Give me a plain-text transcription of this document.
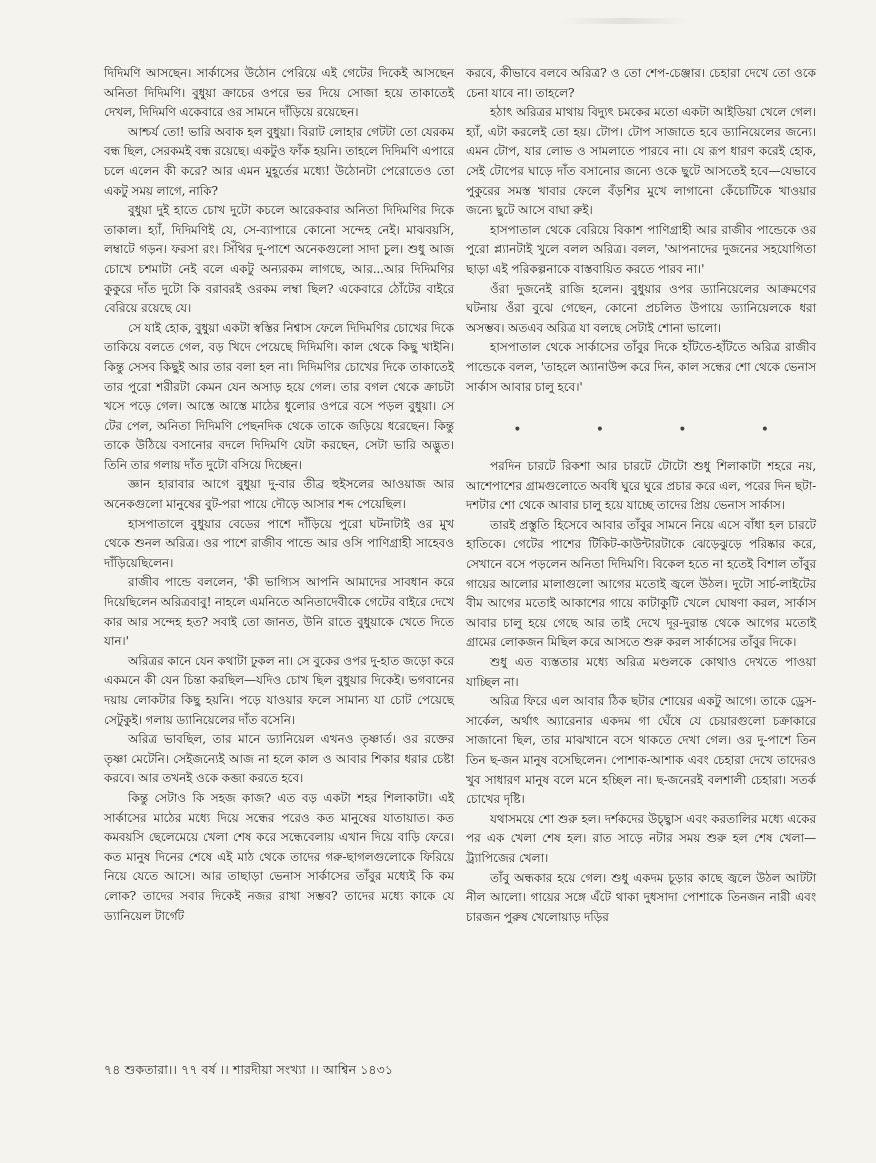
দিদিমণি আসছেন। সার্কাসের উঠোন পেরিয়ে এই গেটের দিকেই আসছেন অনিতা দিদিমণি। বুধুয়া ক্রাচের ওপরে ভর দিয়ে সোজা হয়ে তাকাতেই দেখল, দিদিমণি একেবারে ওর সামনে দাঁড়িয়ে রয়েছেন।

আশ্চর্য তো! ভারি অবাক হল বুধুয়া। বিরাট লোহার গেটটা তো যেরকম বন্ধ ছিল, সেরকমই বন্ধ রয়েছে। একটুও ফাঁক হয়নি। তাহলে দিদিমণি এপারে চলে এলেন কী করে? আর এমন মুহূর্তের মধ্যে! উঠোনটা পেরোতেও তো একটু সময় লাগে, নাকি?

বুধুয়া দুই হাতে চোখ দুটো কচলে আরেকবার অনিতা দিদিমণির দিকে তাকাল। হ্যাঁ, দিদিমণিই যে, সে-ব্যাপারে কোনো সন্দেহ নেই। মাঝবয়সি, লম্বাটে গড়ন। ফরসা রং। সিঁথির দু-পাশে অনেকগুলো সাদা চুল। শুধু আজ চোখে চশমাটা নেই বলে একটু অন্যরকম লাগছে, আর...আর দিদিমণির কুকুরে দাঁত দুটো কি বরাবরই ওরকম লম্বা ছিল? একেবারে ঠোঁটের বাইরে বেরিয়ে রয়েছে যে।

সে যাই হোক, বুধুয়া একটা স্বস্তির নিশ্বাস ফেলে দিদিমণির চোখের দিকে তাকিয়ে বলতে গেল, বড় খিদে পেয়েছে দিদিমণি। কাল থেকে কিছু খাইনি। কিন্তু সেসব কিছুই আর তার বলা হল না। দিদিমণির চোখের দিকে তাকাতেই তার পুরো শরীরটা কেমন যেন অসাড় হয়ে গেল। তার বগল থেকে ক্রাচটা খসে পড়ে গেল। আস্তে আস্তে মাঠের ধুলোর ওপরে বসে পড়ল বুধুয়া। সে টের পেল, অনিতা দিদিমণি পেছনদিক থেকে তাকে জড়িয়ে ধরেছেন। কিন্তু তাকে উঠিয়ে বসানোর বদলে দিদিমণি যেটা করছেন, সেটা ভারি অদ্ভুত। তিনি তার গলায় দাঁত দুটো বসিয়ে দিচ্ছেন।

জ্ঞান হারাবার আগে বুধুয়া দু-বার তীব্র হুইসলের আওয়াজ আর অনেকগুলো মানুষের বুট-পরা পায়ে দৌড়ে আসার শব্দ পেয়েছিল।

হাসপাতালে বুধুয়ার বেডের পাশে দাঁড়িয়ে পুরো ঘটনাটাই ওর মুখ থেকে শুনল অরিত্র। ওর পাশে রাজীব পান্ডে আর ওসি পাণিগ্রাহী সাহেবও দাঁড়িয়েছিলেন।

রাজীব পান্ডে বললেন, 'কী ভাগ্যিস আপনি আমাদের সাবধান করে দিয়েছিলেন অরিত্রবাবু! নাহলে এমনিতে অনিতাদেবীকে গেটের বাইরে দেখে কার আর সন্দেহ হত? সবাই তো জানত, উনি রাতে বুধুয়াকে খেতে দিতে যান।'

অরিত্রর কানে যেন কথাটা ঢুকল না। সে বুকের ওপর দু-হাত জড়ো করে একমনে কী যেন চিন্তা করছিল—যদিও চোখ ছিল বুধুয়ার দিকেই। ভগবানের দয়ায় লোকটার কিছু হয়নি। পড়ে যাওয়ার ফলে সামান্য যা চোট পেয়েছে সেটুকুই। গলায় ড্যানিয়েলের দাঁত বসেনি।

অরিত্র ভাবছিল, তার মানে ড্যানিয়েল এখনও তৃষ্ণার্ত। ওর রক্তের তৃষ্ণা মেটেনি। সেইজন্যেই আজ না হলে কাল ও আবার শিকার ধরার চেষ্টা করবে। আর তখনই ওকে কব্জা করতে হবে।

কিন্তু সেটাও কি সহজ কাজ? এত বড় একটা শহর শিলাকাটা। এই সার্কাসের মাঠের মধ্যে দিয়ে সন্ধের পরেও কত মানুষের যাতায়াত। কত কমবয়সি ছেলেমেয়ে খেলা শেষ করে সন্ধেবেলায় এখান দিয়ে বাড়ি ফেরে। কত মানুষ দিনের শেষে এই মাঠ থেকে তাদের গরু-ছাগলগুলোকে ফিরিয়ে নিয়ে যেতে আসে। আর তাছাড়া ভেনাস সার্কাসের তাঁবুর মধ্যেই কি কম লোক? তাদের সবার দিকেই নজর রাখা সম্ভব? তাদের মধ্যে কাকে যে ড্যানিয়েল টার্গেট

করবে, কীভাবে বলবে অরিত্র? ও তো শেপ-চেঞ্জার। চেহারা দেখে তো ওকে চেনা যাবে না। তাহলে?

হঠাৎ অরিত্রর মাথায় বিদ্যুৎ চমকের মতো একটা আইডিয়া খেলে গেল। হ্যাঁ, এটা করলেই তো হয়। টোপ। টোপ সাজাতে হবে ড্যানিয়েলের জন্যে। এমন টোপ, যার লোভ ও সামলাতে পারবে না। যে রূপ ধারণ করেই হোক, সেই টোপের ঘাড়ে দাঁত বসানোর জন্যে ওকে ছুটে আসতেই হবে—যেভাবে পুকুরের সমস্ত খাবার ফেলে বঁড়শির মুখে লাগানো কেঁচোটিকে খাওয়ার জন্যে ছুটে আসে বাঘা রুই।

হাসপাতাল থেকে বেরিয়ে বিকাশ পাণিগ্রাহী আর রাজীব পান্ডেকে ওর পুরো প্ল্যানটাই খুলে বলল অরিত্র। বলল, 'আপনাদের দুজনের সহযোগিতা ছাড়া এই পরিকল্পনাকে বাস্তবায়িত করতে পারব না।'

ওঁরা দুজনেই রাজি হলেন। বুধুয়ার ওপর ড্যানিয়েলের আক্রমণের ঘটনায় ওঁরা বুঝে গেছেন, কোনো প্রচলিত উপায়ে ড্যানিয়েলকে ধরা অসম্ভব। অতএব অরিত্র যা বলছে সেটাই শোনা ভালো।

হাসপাতাল থেকে সার্কাসের তাঁবুর দিকে হাঁটতে-হাঁটতে অরিত্র রাজীব পান্ডেকে বলল, 'তাহলে অ্যানাউন্স করে দিন, কাল সন্ধের শো থেকে ভেনাস সার্কাস আবার চালু হবে।'

•	•	•	•

পরদিন চারটে রিকশা আর চারটে টোটো শুধু শিলাকাটা শহরে নয়, আশেপাশের গ্রামগুলোতে অবধি ঘুরে ঘুরে প্রচার করে এল, পরের দিন ছটা-দশটার শো থেকে আবার চালু হয়ে যাচ্ছে তাদের প্রিয় ভেনাস সার্কাস।

তারই প্রস্তুতি হিসেবে আবার তাঁবুর সামনে নিয়ে এসে বাঁধা হল চারটে হাতিকে। গেটের পাশের টিকিট-কাউন্টারটাকে ঝেড়েঝুড়ে পরিষ্কার করে, সেখানে বসে পড়লেন অনিতা দিদিমণি। বিকেল হতে না হতেই বিশাল তাঁবুর গায়ের আলোর মালাগুলো আগের মতোই জ্বলে উঠল। দুটো সার্চ-লাইটের বীম আগের মতোই আকাশের গায়ে কাটাকুটি খেলে ঘোষণা করল, সার্কাস আবার চালু হয়ে গেছে আর তাই দেখে দূর-দুরান্ত থেকে আগের মতোই গ্রামের লোকজন মিছিল করে আসতে শুরু করল সার্কাসের তাঁবুর দিকে।

শুধু এত ব্যস্ততার মধ্যে অরিত্র মণ্ডলকে কোথাও দেখতে পাওয়া যাচ্ছিল না।

অরিত্র ফিরে এল আবার ঠিক ছটার শোয়ের একটু আগে। তাকে ড্রেস-সার্কেল, অর্থাৎ অ্যারেনার একদম গা ঘেঁষে যে চেয়ারগুলো চক্রাকারে সাজানো ছিল, তার মাঝখানে বসে থাকতে দেখা গেল। ওর দু-পাশে তিন তিন ছ-জন মানুষ বসেছিলেন। পোশাক-আশাক এবং চেহারা দেখে তাদেরও খুব সাধারণ মানুষ বলে মনে হচ্ছিল না। ছ-জনেরই বলশালী চেহারা। সতর্ক চোখের দৃষ্টি।

যথাসময়ে শো শুরু হল। দর্শকদের উচ্ছ্বাস এবং করতালির মধ্যে একের পর এক খেলা শেষ হল। রাত সাড়ে নটার সময় শুরু হল শেষ খেলা—ট্র্যাপিজের খেলা।

তাঁবু অন্ধকার হয়ে গেল। শুধু একদম চূড়ার কাছে জ্বলে উঠল আটটা নীল আলো। গায়ের সঙ্গে এঁটে থাকা দুধসাদা পোশাকে তিনজন নারী এবং চারজন পুরুষ খেলোয়াড় দড়ির

৭৪ শুকতারা।। ৭৭ বর্ষ ।। শারদীয়া সংখ্যা ।। আশ্বিন ১৪৩১
